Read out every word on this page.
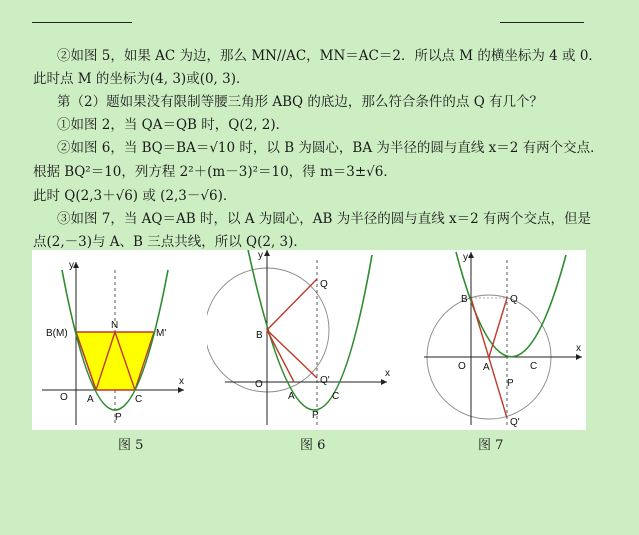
②如图 5，如果 AC 为边，那么 MN//AC，MN＝AC＝2．所以点 M 的横坐标为 4 或 0．
此时点 M 的坐标为(4, 3)或(0, 3)．
第（2）题如果没有限制等腰三角形 ABQ 的底边，那么符合条件的点 Q 有几个？
①如图 2，当 QA＝QB 时，Q(2, 2)．
②如图 6，当 BQ＝BA＝√10 时，以 B 为圆心，BA 为半径的圆与直线 x＝2 有两个交点．
根据 BQ²＝10，列方程 2²＋(m－3)²＝10，得 m＝3±√6．
此时 Q(2,3＋√6) 或 (2,3－√6)．
③如图 7，当 AQ＝AB 时，以 A 为圆心，AB 为半径的圆与直线 x＝2 有两个交点，但是
点(2,－3)与 A、B 三点共线，所以 Q(2, 3)．
y
x
O
B(M)
N
M'
A	C
P
y
x
O
B
Q
Q'
A	C
P
y
x
O
B	Q
A	C
P
Q'
图 5	图 6	图 7
